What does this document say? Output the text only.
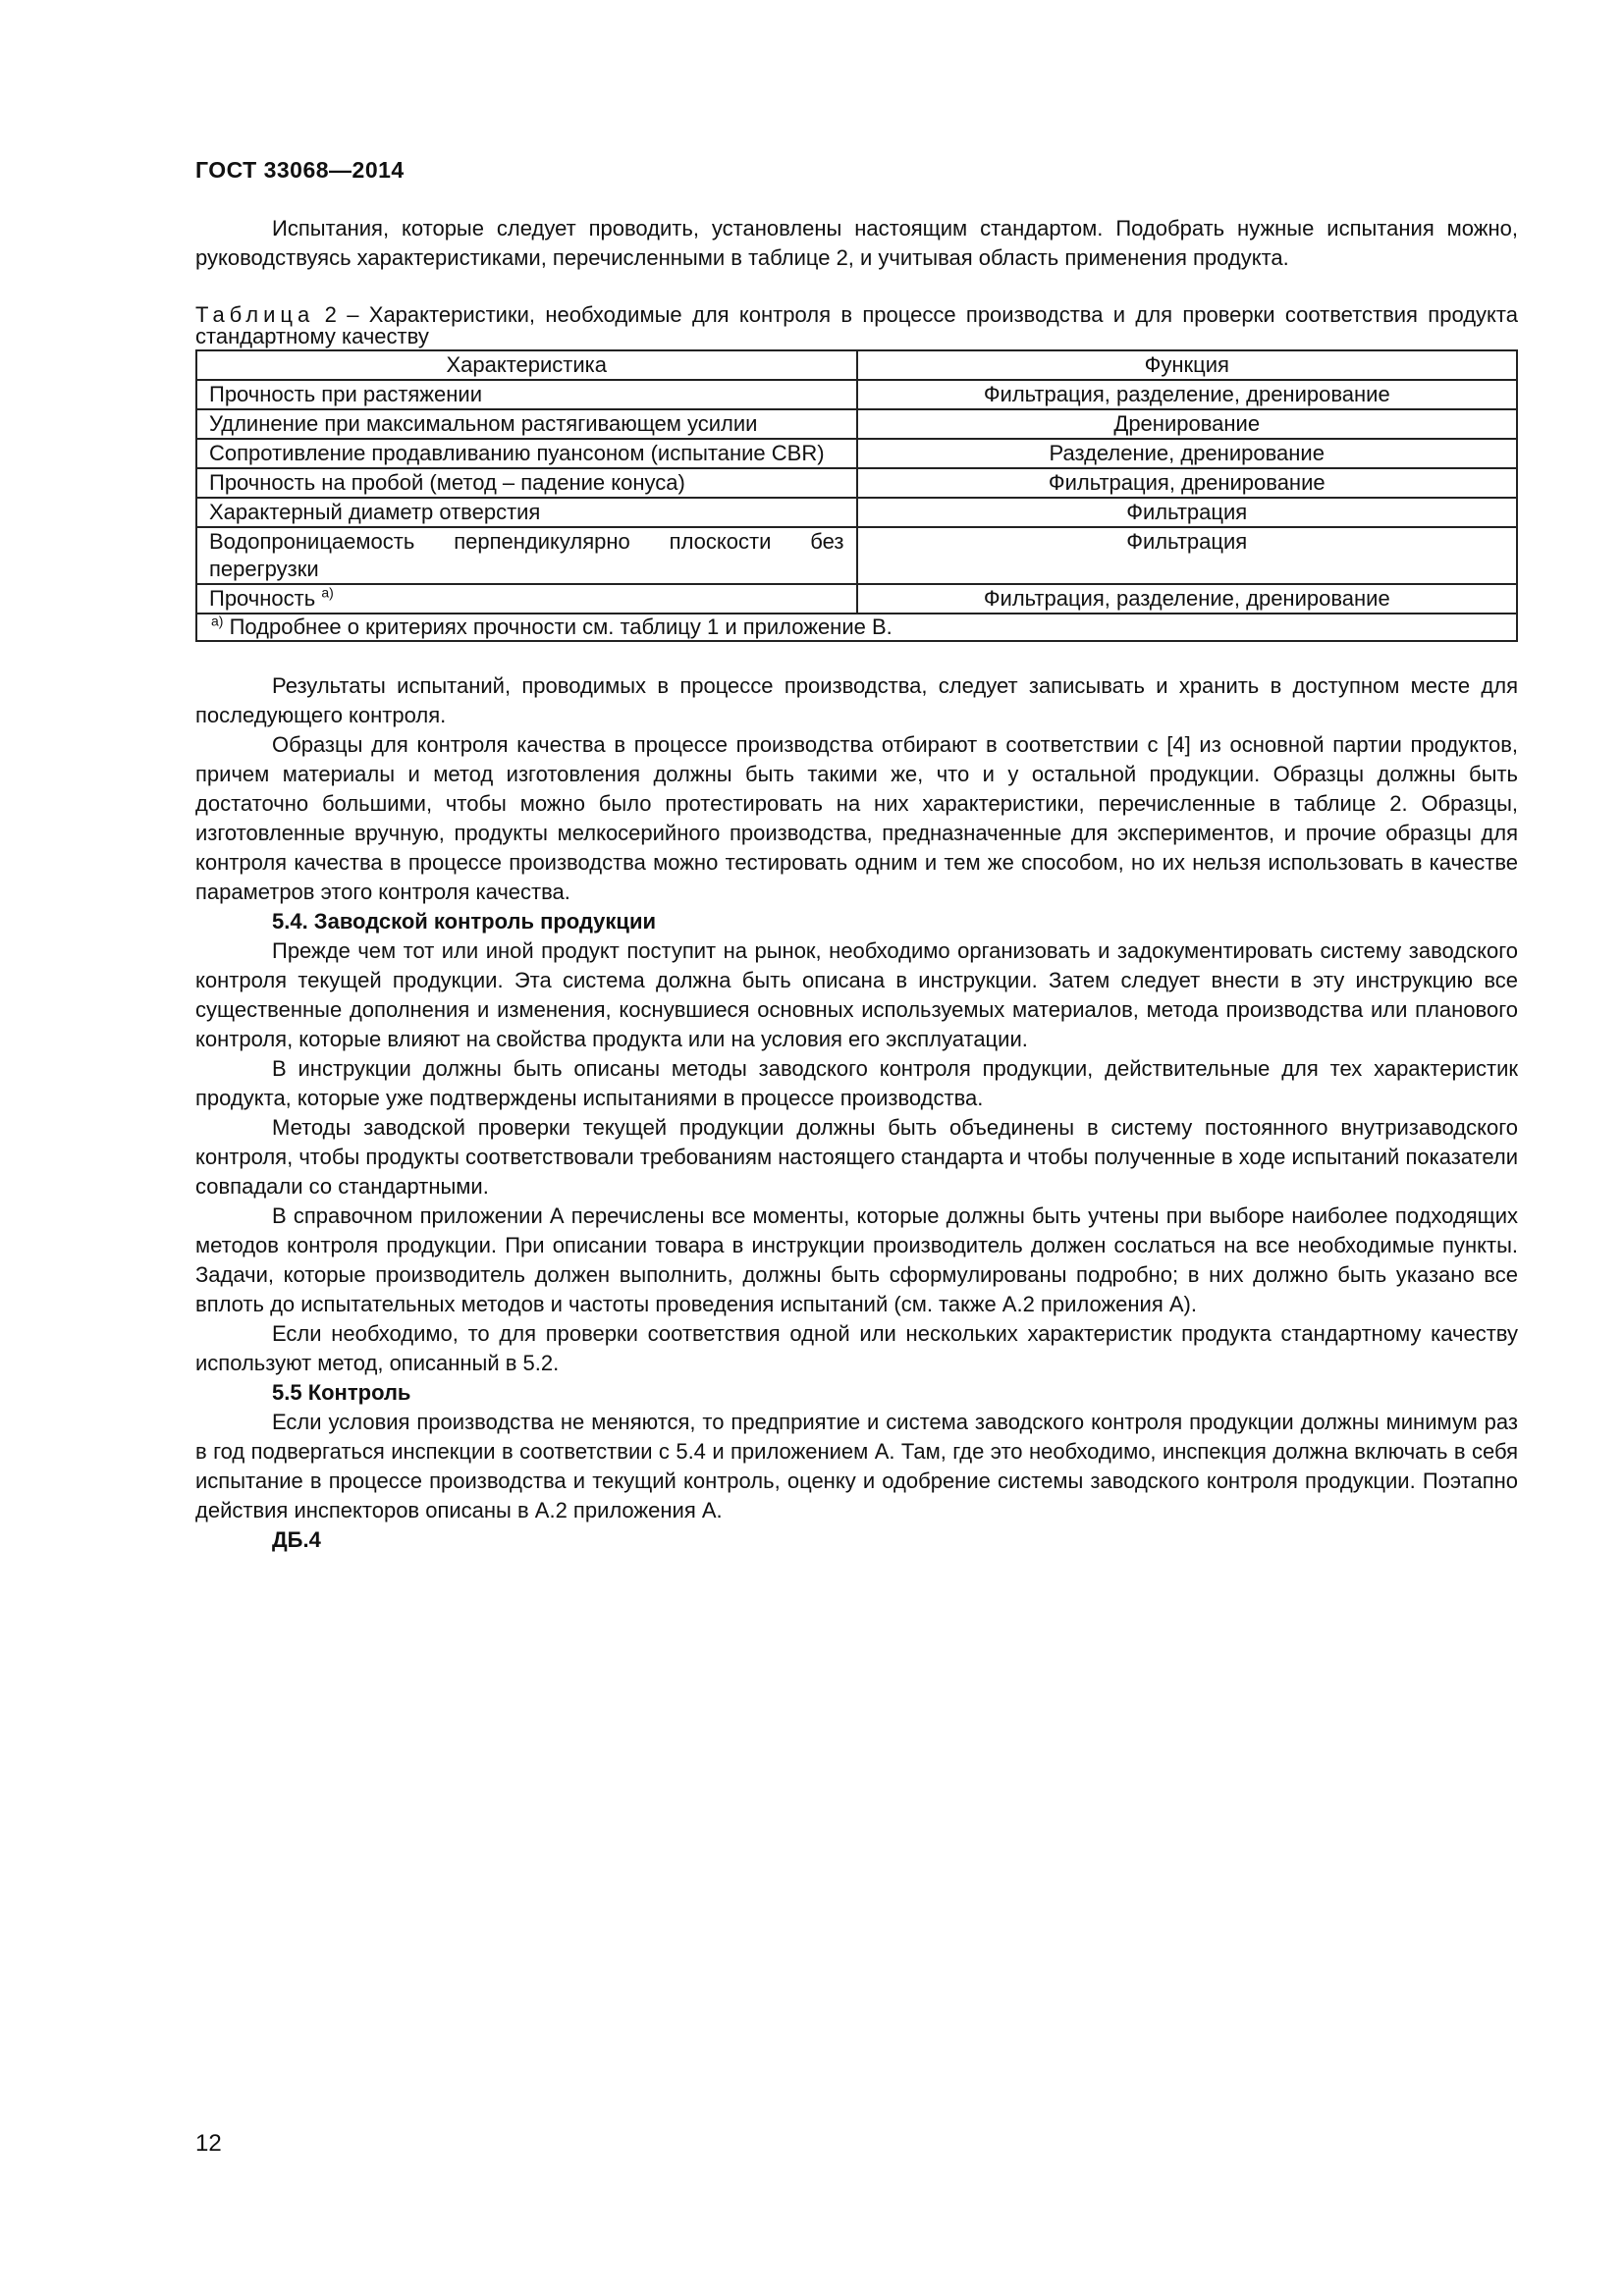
ГОСТ 33068—2014

Испытания, которые следует проводить, установлены настоящим стандартом. Подобрать нужные испытания можно, руководствуясь характеристиками, перечисленными в таблице 2, и учитывая область применения продукта.

Таблица 2 – Характеристики, необходимые для контроля в процессе производства и для проверки соответствия продукта стандартному качеству
Характеристика	Функция
Прочность при растяжении	Фильтрация, разделение, дренирование
Удлинение при максимальном растягивающем усилии	Дренирование
Сопротивление продавливанию пуансоном (испытание CBR)	Разделение, дренирование
Прочность на пробой (метод – падение конуса)	Фильтрация, дренирование
Характерный диаметр отверстия	Фильтрация
Водопроницаемость перпендикулярно плоскости без перегрузки	Фильтрация
Прочность $^{а)}$	Фильтрация, разделение, дренирование
$^{а)}$ Подробнее о критериях прочности см. таблицу 1 и приложение В.	

Результаты испытаний, проводимых в процессе производства, следует записывать и хранить в доступном месте для последующего контроля.

Образцы для контроля качества в процессе производства отбирают в соответствии с [4] из основной партии продуктов, причем материалы и метод изготовления должны быть такими же, что и у остальной продукции. Образцы должны быть достаточно большими, чтобы можно было протестировать на них характеристики, перечисленные в таблице 2. Образцы, изготовленные вручную, продукты мелкосерийного производства, предназначенные для экспериментов, и прочие образцы для контроля качества в процессе производства можно тестировать одним и тем же способом, но их нельзя использовать в качестве параметров этого контроля качества.

5.4. Заводской контроль продукции

Прежде чем тот или иной продукт поступит на рынок, необходимо организовать и задокументировать систему заводского контроля текущей продукции. Эта система должна быть описана в инструкции. Затем следует внести в эту инструкцию все существенные дополнения и изменения, коснувшиеся основных используемых материалов, метода производства или планового контроля, которые влияют на свойства продукта или на условия его эксплуатации.

В инструкции должны быть описаны методы заводского контроля продукции, действительные для тех характеристик продукта, которые уже подтверждены испытаниями в процессе производства.

Методы заводской проверки текущей продукции должны быть объединены в систему постоянного внутризаводского контроля, чтобы продукты соответствовали требованиям настоящего стандарта и чтобы полученные в ходе испытаний показатели совпадали со стандартными.

В справочном приложении А перечислены все моменты, которые должны быть учтены при выборе наиболее подходящих методов контроля продукции. При описании товара в инструкции производитель должен сослаться на все необходимые пункты. Задачи, которые производитель должен выполнить, должны быть сформулированы подробно; в них должно быть указано все вплоть до испытательных методов и частоты проведения испытаний (см. также А.2 приложения А).

Если необходимо, то для проверки соответствия одной или нескольких характеристик продукта стандартному качеству используют метод, описанный в 5.2.

5.5 Контроль

Если условия производства не меняются, то предприятие и система заводского контроля продукции должны минимум раз в год подвергаться инспекции в соответствии с 5.4 и приложением А. Там, где это необходимо, инспекция должна включать в себя испытание в процессе производства и текущий контроль, оценку и одобрение системы заводского контроля продукции. Поэтапно действия инспекторов описаны в А.2 приложения А.

ДБ.4
12
